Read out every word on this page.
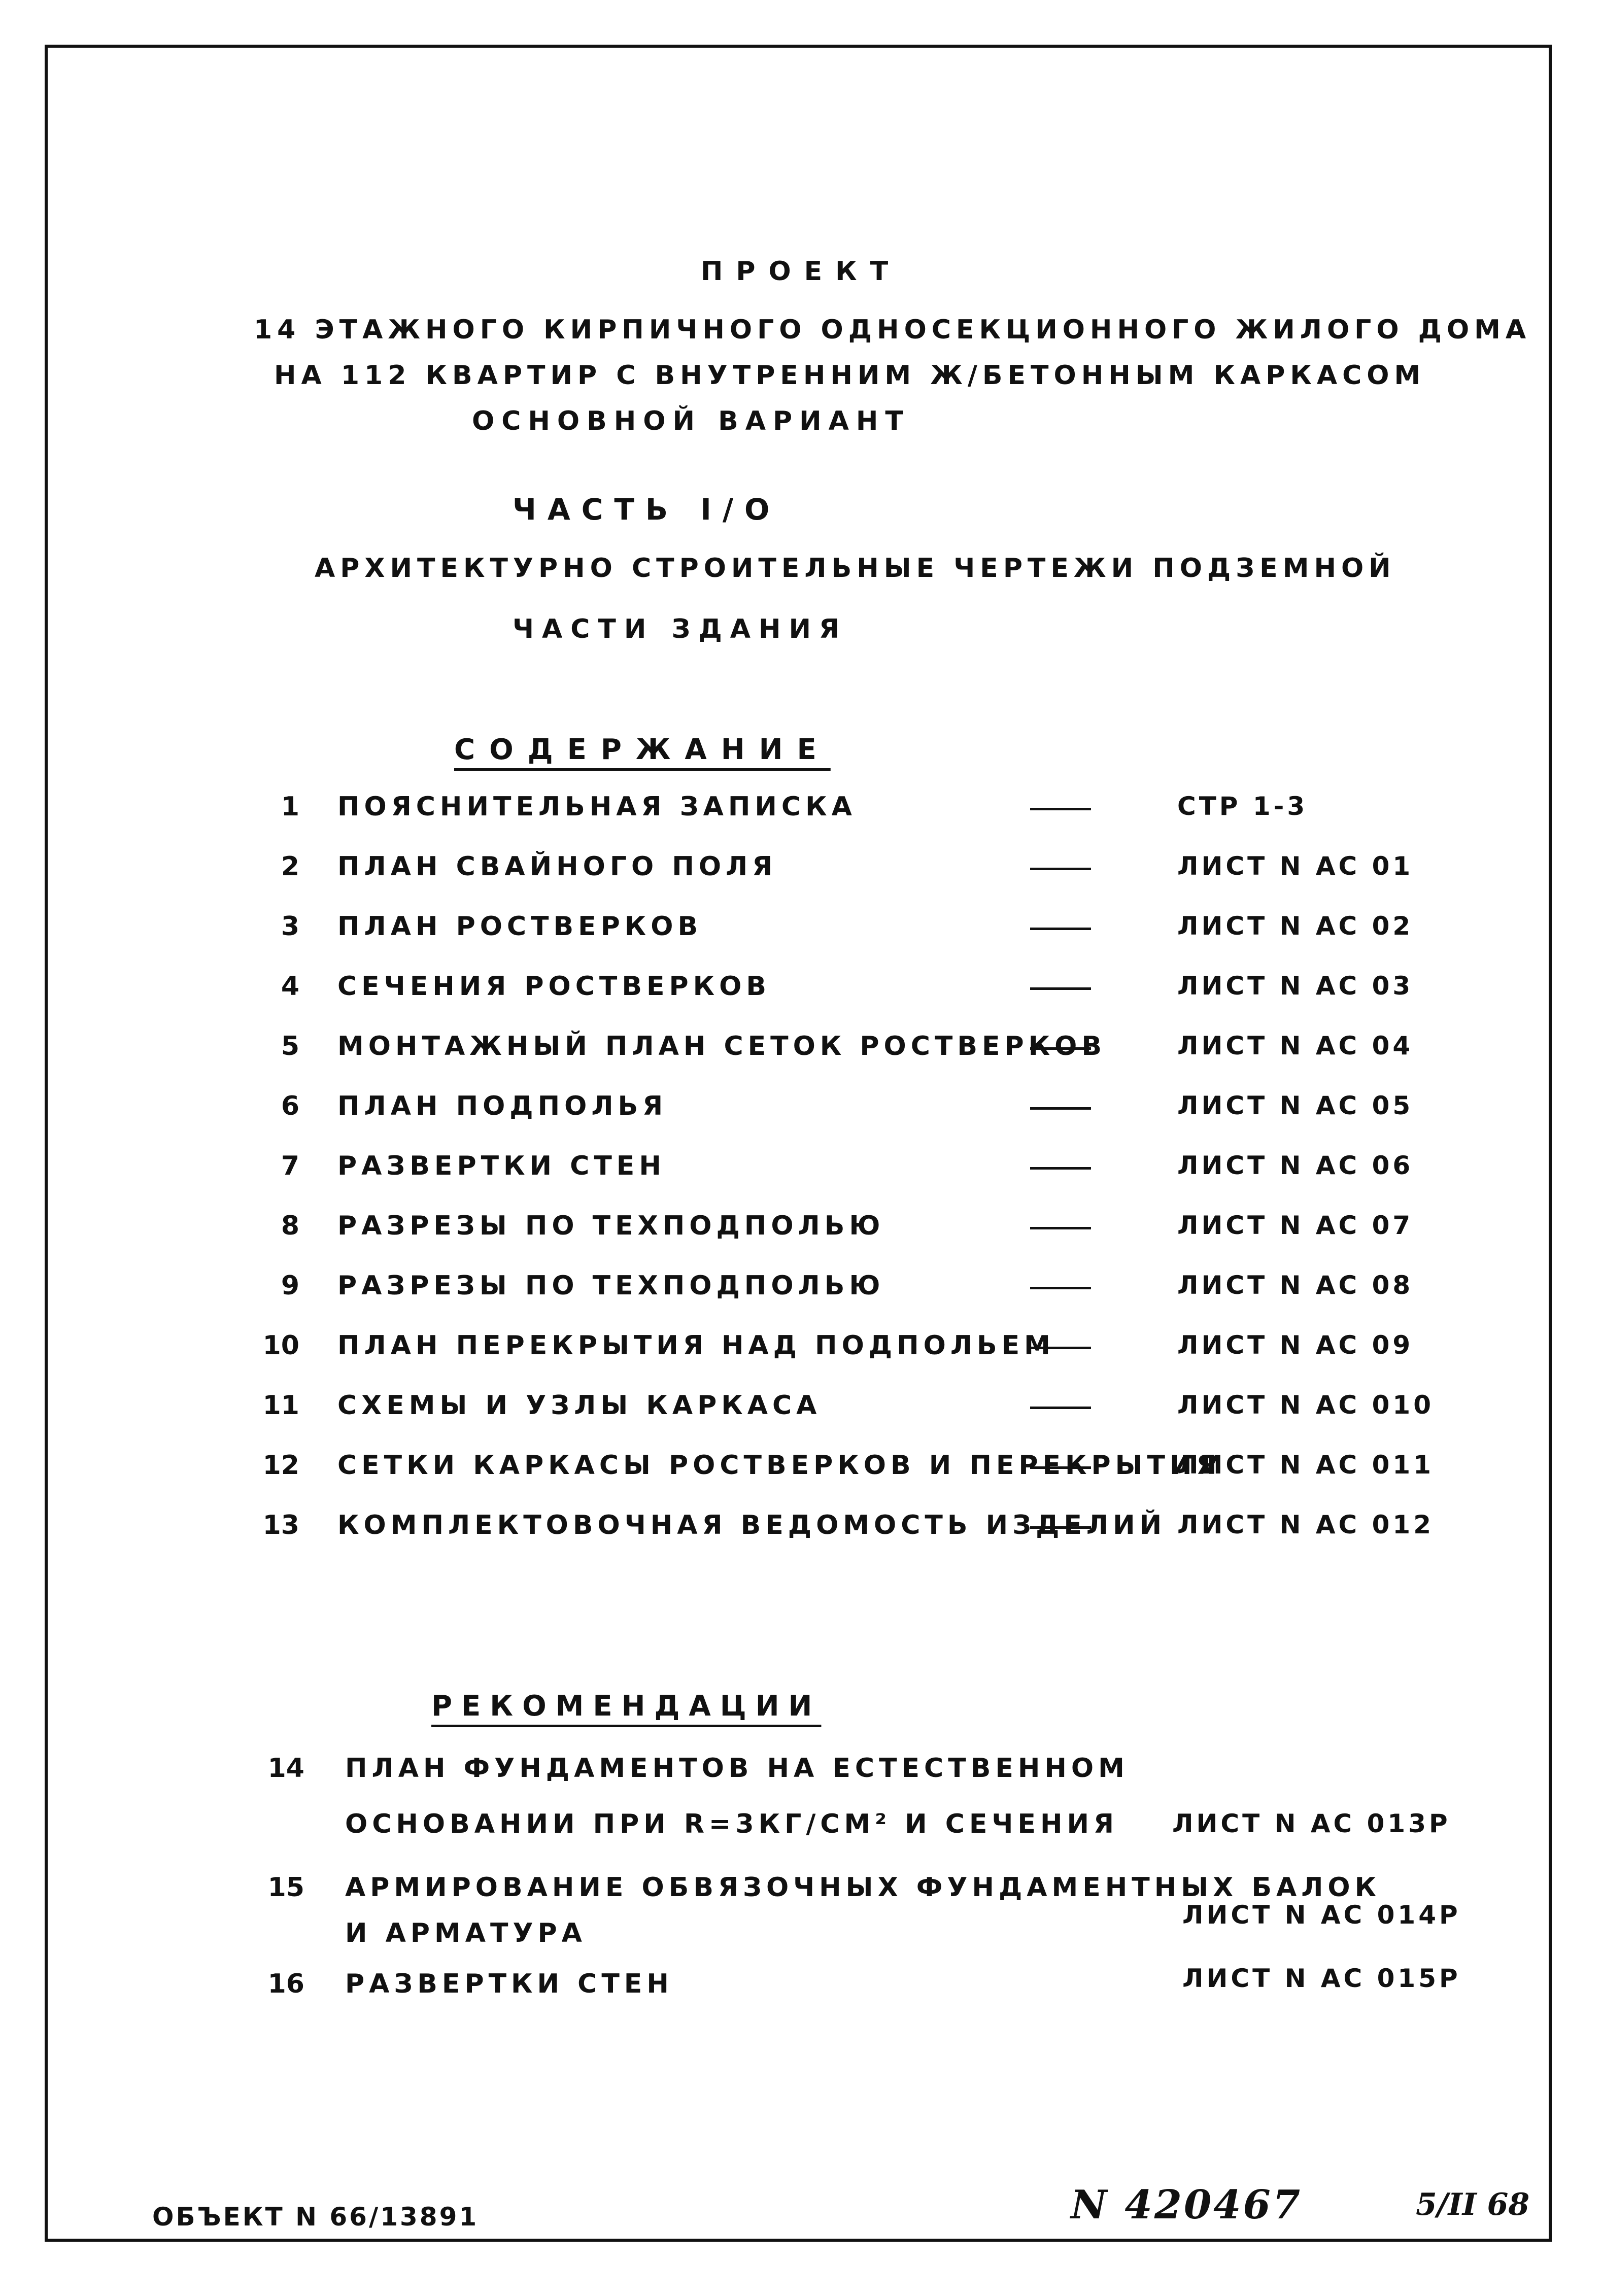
ПРОЕКТ
14 ЭТАЖНОГО КИРПИЧНОГО ОДНОСЕКЦИОННОГО ЖИЛОГО ДОМА
НА 112 КВАРТИР С ВНУТРЕННИМ Ж/БЕТОННЫМ КАРКАСОМ
ОСНОВНОЙ ВАРИАНТ
ЧАСТЬ I/О
АРХИТЕКТУРНО СТРОИТЕЛЬНЫЕ ЧЕРТЕЖИ ПОДЗЕМНОЙ
ЧАСТИ ЗДАНИЯ
СОДЕРЖАНИЕ
1 ПОЯСНИТЕЛЬНАЯ ЗАПИСКА	СТР 1-3
2 ПЛАН СВАЙНОГО ПОЛЯ	ЛИСТ N АС 01
3 ПЛАН РОСТВЕРКОВ	ЛИСТ N АС 02
4 СЕЧЕНИЯ РОСТВЕРКОВ	ЛИСТ N АС 03
5 МОНТАЖНЫЙ ПЛАН СЕТОК РОСТВЕРКОВ	ЛИСТ N АС 04
6 ПЛАН ПОДПОЛЬЯ	ЛИСТ N АС 05
7 РАЗВЕРТКИ СТЕН	ЛИСТ N АС 06
8 РАЗРЕЗЫ ПО ТЕХПОДПОЛЬЮ	ЛИСТ N АС 07
9 РАЗРЕЗЫ ПО ТЕХПОДПОЛЬЮ	ЛИСТ N АС 08
10 ПЛАН ПЕРЕКРЫТИЯ НАД ПОДПОЛЬЕМ	ЛИСТ N АС 09
11 СХЕМЫ И УЗЛЫ КАРКАСА	ЛИСТ N АС 010
12 СЕТКИ КАРКАСЫ РОСТВЕРКОВ И ПЕРЕКРЫТИЯ
ЛИСТ N АС 011
13 КОМПЛЕКТОВОЧНАЯ ВЕДОМОСТЬ ИЗДЕЛИЙ ЛИСТ N АС 012
РЕКОМЕНДАЦИИ
14 ПЛАН ФУНДАМЕНТОВ НА ЕСТЕСТВЕННОМ
ОСНОВАНИИ ПРИ R=3КГ/СМ² И СЕЧЕНИЯ ЛИСТ N АС 013Р
15 АРМИРОВАНИЕ ОБВЯЗОЧНЫХ ФУНДАМЕНТНЫХ БАЛОК
И АРМАТУРА
ЛИСТ N АС 014Р
16 РАЗВЕРТКИ СТЕН	ЛИСТ N АС 015Р
ОБЪЕКТ N 66/13891	N 420467	5/II 68
